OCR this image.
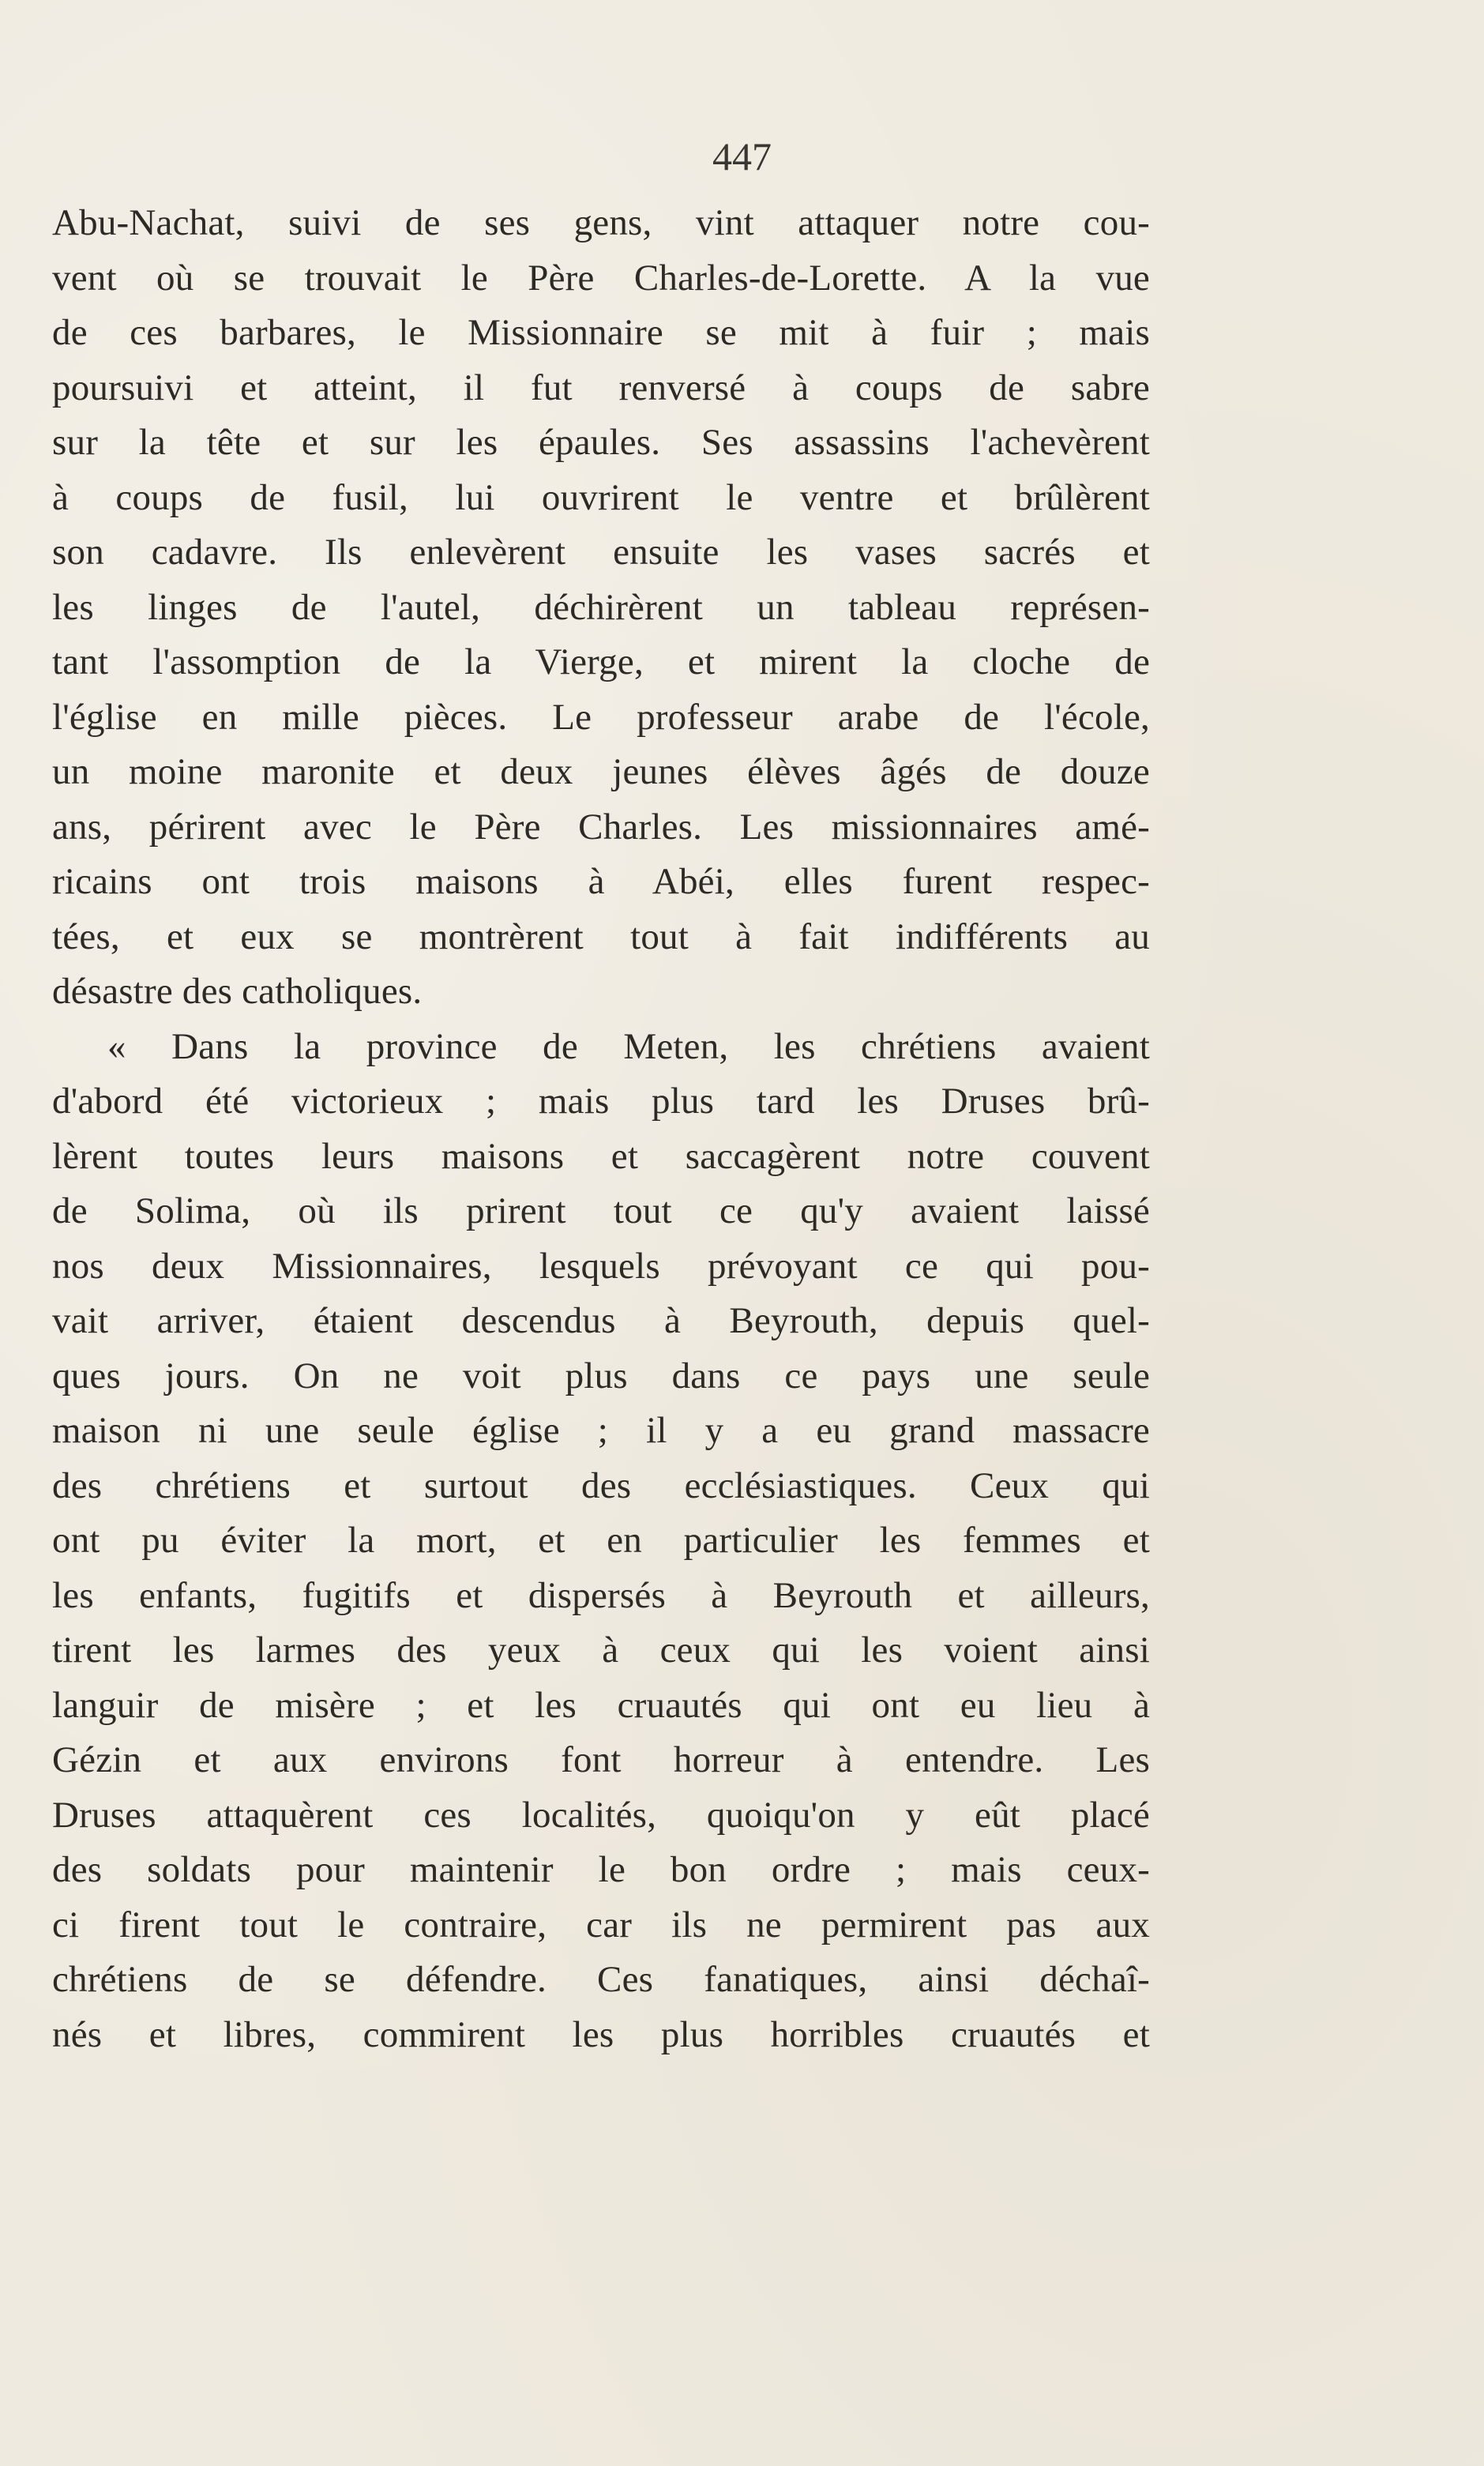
447
Abu-Nachat, suivi de ses gens, vint attaquer notre cou-
vent où se trouvait le Père Charles-de-Lorette. A la vue
de ces barbares, le Missionnaire se mit à fuir ; mais
poursuivi et atteint, il fut renversé à coups de sabre
sur la tête et sur les épaules. Ses assassins l'achevèrent
à coups de fusil, lui ouvrirent le ventre et brûlèrent
son cadavre. Ils enlevèrent ensuite les vases sacrés et
les linges de l'autel, déchirèrent un tableau représen-
tant l'assomption de la Vierge, et mirent la cloche de
l'église en mille pièces. Le professeur arabe de l'école,
un moine maronite et deux jeunes élèves âgés de douze
ans, périrent avec le Père Charles. Les missionnaires amé-
ricains ont trois maisons à Abéi, elles furent respec-
tées, et eux se montrèrent tout à fait indifférents au
désastre des catholiques.
« Dans la province de Meten, les chrétiens avaient
d'abord été victorieux ; mais plus tard les Druses brû-
lèrent toutes leurs maisons et saccagèrent notre couvent
de Solima, où ils prirent tout ce qu'y avaient laissé
nos deux Missionnaires, lesquels prévoyant ce qui pou-
vait arriver, étaient descendus à Beyrouth, depuis quel-
ques jours. On ne voit plus dans ce pays une seule
maison ni une seule église ; il y a eu grand massacre
des chrétiens et surtout des ecclésiastiques. Ceux qui
ont pu éviter la mort, et en particulier les femmes et
les enfants, fugitifs et dispersés à Beyrouth et ailleurs,
tirent les larmes des yeux à ceux qui les voient ainsi
languir de misère ; et les cruautés qui ont eu lieu à
Gézin et aux environs font horreur à entendre. Les
Druses attaquèrent ces localités, quoiqu'on y eût placé
des soldats pour maintenir le bon ordre ; mais ceux-
ci firent tout le contraire, car ils ne permirent pas aux
chrétiens de se défendre. Ces fanatiques, ainsi déchaî-
nés et libres, commirent les plus horribles cruautés et
